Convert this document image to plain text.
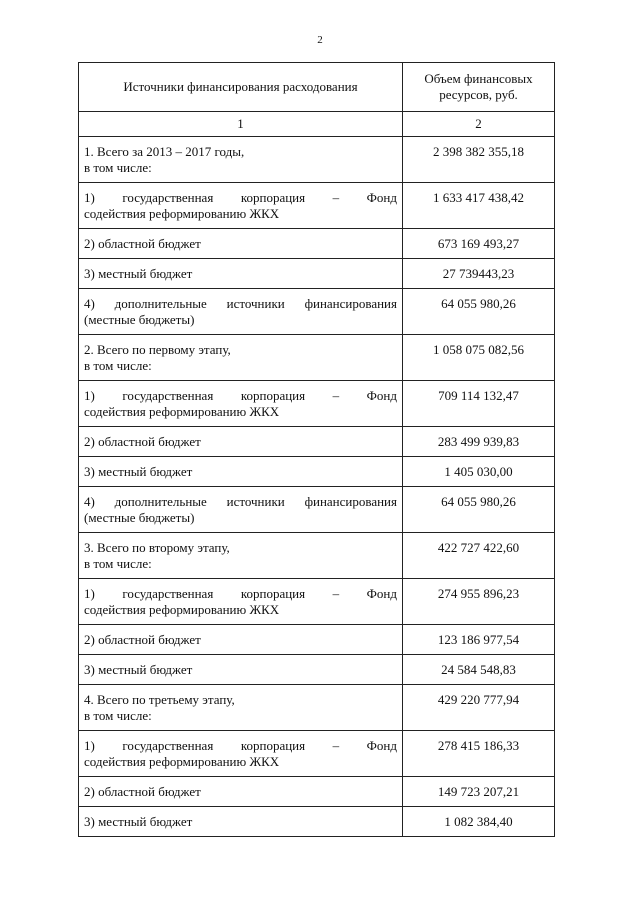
2
Источники финансирования расходования	Объем финансовых
ресурсов, руб.

1	2

1. Всего за 2013 – 2017 годы,
в том числе:	2 398 382 355,18

1) государственная корпорация – Фонд
содействия реформированию ЖКХ	1 633 417 438,42

2) областной бюджет	673 169 493,27

3) местный бюджет	27 739443,23

4) дополнительные источники финансирования
(местные бюджеты)	64 055 980,26

2. Всего по первому этапу,
в том числе:	1 058 075 082,56

1) государственная корпорация – Фонд
содействия реформированию ЖКХ	709 114 132,47

2) областной бюджет	283 499 939,83

3) местный бюджет	1 405 030,00

4) дополнительные источники финансирования
(местные бюджеты)	64 055 980,26

3. Всего по второму этапу,
в том числе:	422 727 422,60

1) государственная корпорация – Фонд
содействия реформированию ЖКХ	274 955 896,23

2) областной бюджет	123 186 977,54

3) местный бюджет	24 584 548,83

4. Всего по третьему этапу,
в том числе:	429 220 777,94

1) государственная корпорация – Фонд
содействия реформированию ЖКХ	278 415 186,33

2) областной бюджет	149 723 207,21

3) местный бюджет	1 082 384,40
